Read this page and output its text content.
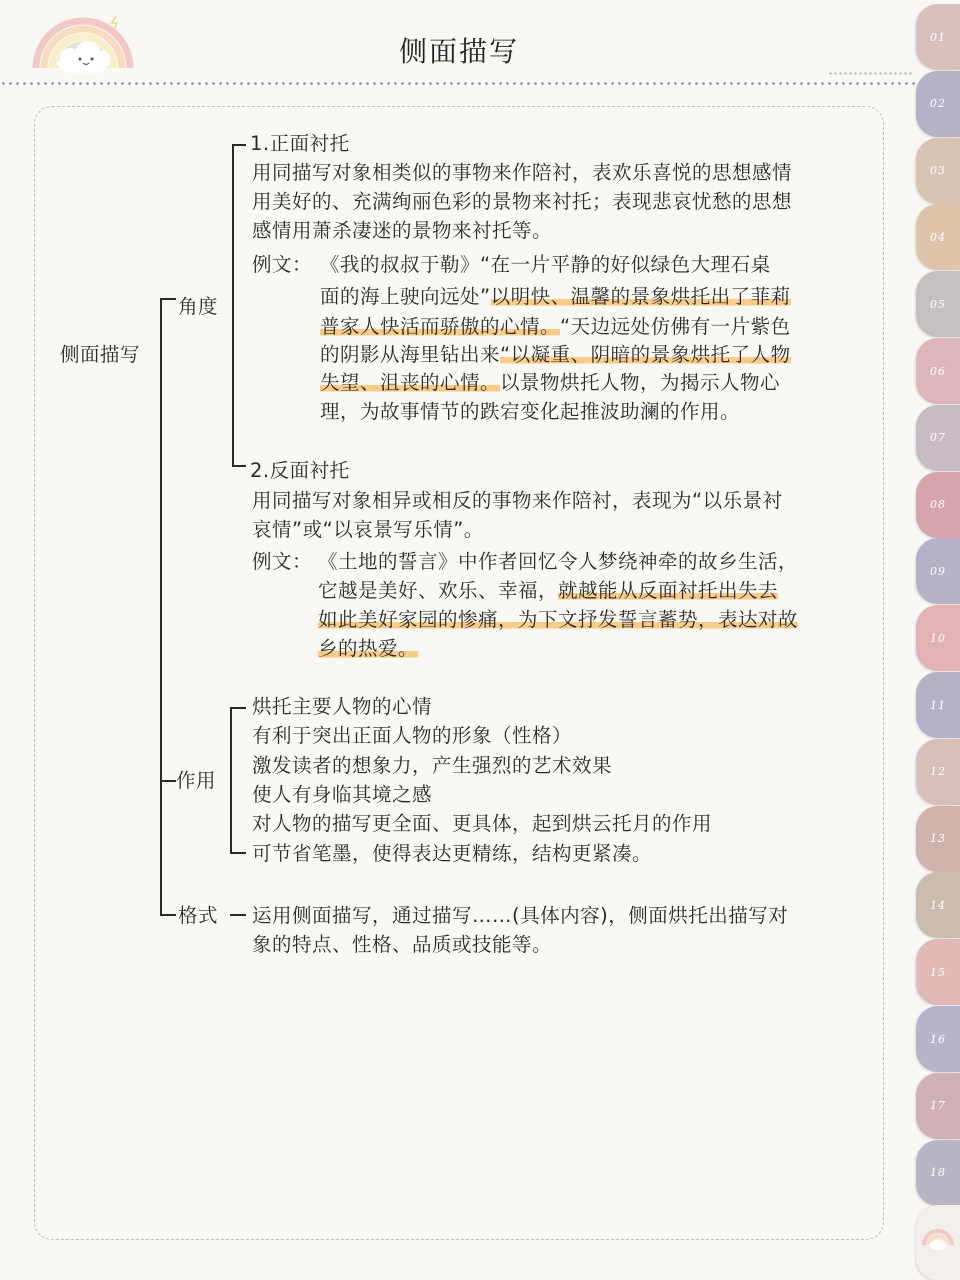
侧面描写
侧面描写
角度
作用
格式
1.正面衬托
用同描写对象相类似的事物来作陪衬，表欢乐喜悦的思想感情
用美好的、充满绚丽色彩的景物来衬托；表现悲哀忧愁的思想
感情用萧杀凄迷的景物来衬托等。
例文： 《我的叔叔于勒》“在一片平静的好似绿色大理石桌
面的海上驶向远处”以明快、温馨的景象烘托出了菲莉
普家人快活而骄傲的心情。“天边远处仿佛有一片紫色
的阴影从海里钻出来“以凝重、阴暗的景象烘托了人物
失望、沮丧的心情。以景物烘托人物，为揭示人物心
理，为故事情节的跌宕变化起推波助澜的作用。
2.反面衬托
用同描写对象相异或相反的事物来作陪衬，表现为“以乐景衬
哀情”或“以哀景写乐情”。
例文： 《土地的誓言》中作者回忆令人梦绕神牵的故乡生活，
它越是美好、欢乐、幸福，就越能从反面衬托出失去
如此美好家园的惨痛，为下文抒发誓言蓄势，表达对故
乡的热爱。
烘托主要人物的心情
有利于突出正面人物的形象（性格）
激发读者的想象力，产生强烈的艺术效果
使人有身临其境之感
对人物的描写更全面、更具体，起到烘云托月的作用
可节省笔墨，使得表达更精练，结构更紧凑。
运用侧面描写，通过描写……(具体内容)，侧面烘托出描写对
象的特点、性格、品质或技能等。
01
02
03
04
05
06
07
08
09
10
11
12
13
14
15
16
17
18
